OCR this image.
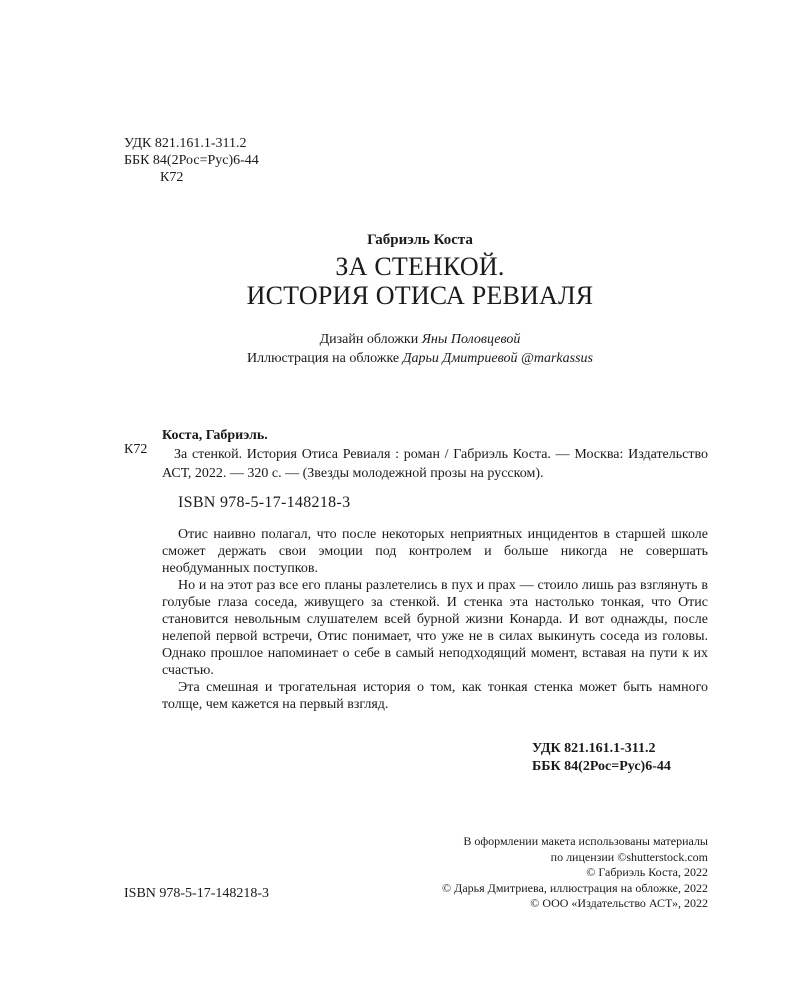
УДК 821.161.1-311.2
ББК 84(2Рос=Рус)6-44
К72
Габриэль Коста
ЗА СТЕНКОЙ.
ИСТОРИЯ ОТИСА РЕВИАЛЯ
Дизайн обложки Яны Половцевой
Иллюстрация на обложке Дарьи Дмитриевой @markassus
К72
Коста, Габриэль.
За стенкой. История Отиса Ревиаля : роман / Габриэль Коста. — Москва: Издательство АСТ, 2022. — 320 с. — (Звезды молодежной прозы на русском).
ISBN 978-5-17-148218-3

Отис наивно полагал, что после некоторых неприятных инцидентов в старшей школе сможет держать свои эмоции под контролем и больше никогда не совершать необдуманных поступков.

Но и на этот раз все его планы разлетелись в пух и прах — стоило лишь раз взглянуть в голубые глаза соседа, живущего за стенкой. И стенка эта настолько тонкая, что Отис становится невольным слушателем всей бурной жизни Конарда. И вот однажды, после нелепой первой встречи, Отис понимает, что уже не в силах выкинуть соседа из головы. Однако прошлое напоминает о себе в самый неподходящий момент, вставая на пути к их счастью.

Эта смешная и трогательная история о том, как тонкая стенка может быть намного толще, чем кажется на первый взгляд.

УДК 821.161.1-311.2
ББК 84(2Рос=Рус)6-44
В оформлении макета использованы материалы
по лицензии ©shutterstock.com
© Габриэль Коста, 2022
© Дарья Дмитриева, иллюстрация на обложке, 2022
© ООО «Издательство АСТ», 2022
ISBN 978-5-17-148218-3
